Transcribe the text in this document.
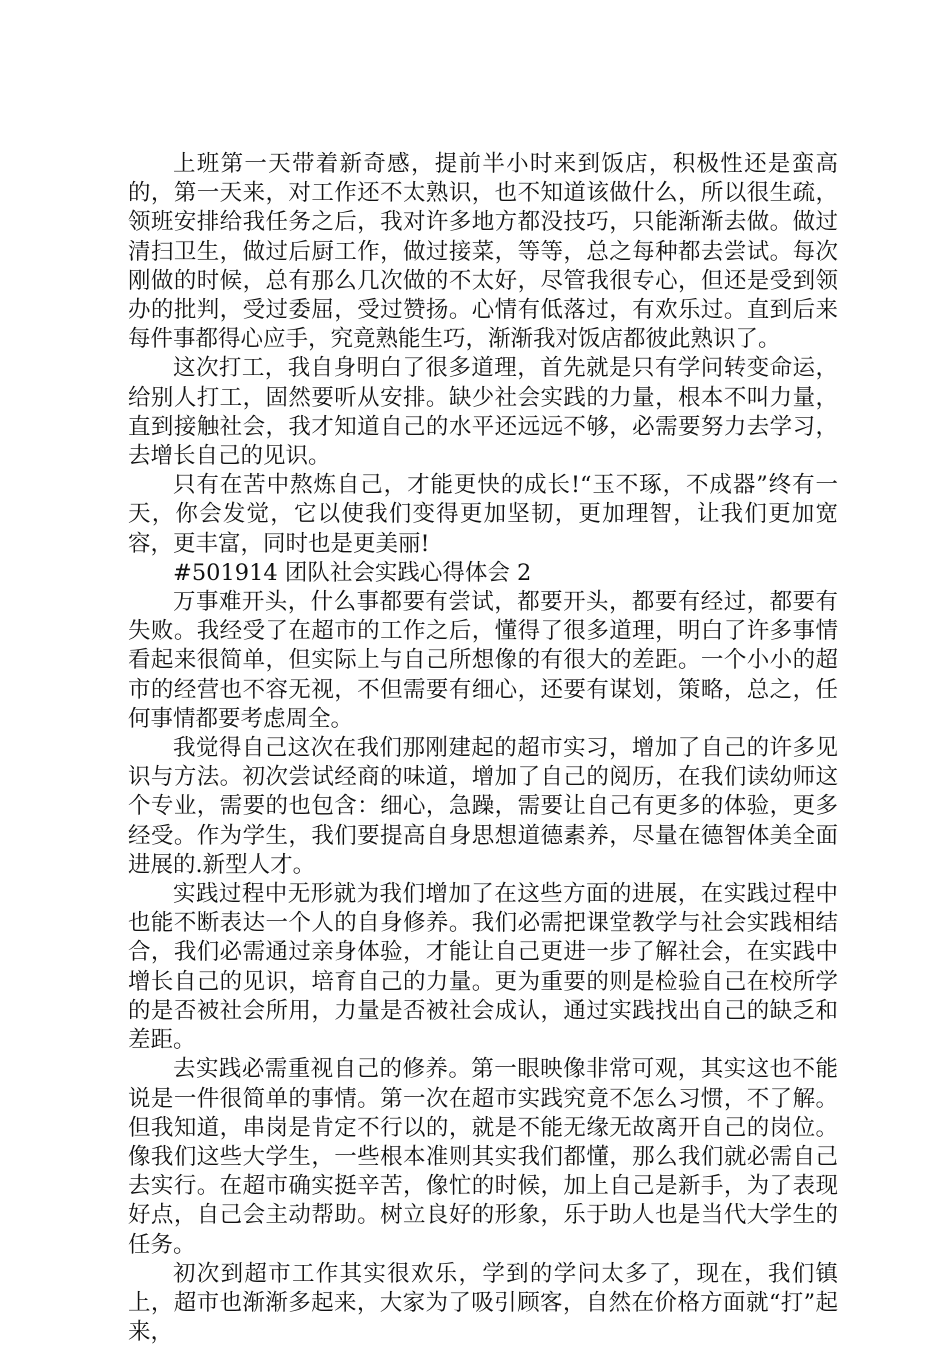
上班第一天带着新奇感，提前半小时来到饭店，积极性还是蛮高的，第一天来，对工作还不太熟识，也不知道该做什么，所以很生疏，领班安排给我任务之后，我对许多地方都没技巧，只能渐渐去做。做过清扫卫生，做过后厨工作，做过接菜，等等，总之每种都去尝试。每次刚做的时候，总有那么几次做的不太好，尽管我很专心，但还是受到领办的批判，受过委屈，受过赞扬。心情有低落过，有欢乐过。直到后来每件事都得心应手，究竟熟能生巧，渐渐我对饭店都彼此熟识了。

这次打工，我自身明白了很多道理，首先就是只有学问转变命运，给别人打工，固然要听从安排。缺少社会实践的力量，根本不叫力量，直到接触社会，我才知道自己的水平还远远不够，必需要努力去学习，去增长自己的见识。

只有在苦中熬炼自己，才能更快的成长!“玉不琢，不成器”终有一天，你会发觉，它以使我们变得更加坚韧，更加理智，让我们更加宽容，更丰富，同时也是更美丽!

#501914 团队社会实践心得体会 2

万事难开头，什么事都要有尝试，都要开头，都要有经过，都要有失败。我经受了在超市的工作之后，懂得了很多道理，明白了许多事情看起来很简单，但实际上与自己所想像的有很大的差距。一个小小的超市的经营也不容无视，不但需要有细心，还要有谋划，策略，总之，任何事情都要考虑周全。

我觉得自己这次在我们那刚建起的超市实习，增加了自己的许多见识与方法。初次尝试经商的味道，增加了自己的阅历，在我们读幼师这个专业，需要的也包含：细心，急躁，需要让自己有更多的体验，更多经受。作为学生，我们要提高自身思想道德素养，尽量在德智体美全面进展的.新型人才。

实践过程中无形就为我们增加了在这些方面的进展，在实践过程中也能不断表达一个人的自身修养。我们必需把课堂教学与社会实践相结合，我们必需通过亲身体验，才能让自己更进一步了解社会，在实践中增长自己的见识，培育自己的力量。更为重要的则是检验自己在校所学的是否被社会所用，力量是否被社会成认，通过实践找出自己的缺乏和差距。

去实践必需重视自己的修养。第一眼映像非常可观，其实这也不能说是一件很简单的事情。第一次在超市实践究竟不怎么习惯，不了解。但我知道，串岗是肯定不行以的，就是不能无缘无故离开自己的岗位。像我们这些大学生，一些根本准则其实我们都懂，那么我们就必需自己去实行。在超市确实挺辛苦，像忙的时候，加上自己是新手，为了表现好点，自己会主动帮助。树立良好的形象，乐于助人也是当代大学生的任务。

初次到超市工作其实很欢乐，学到的学问太多了，现在，我们镇上，超市也渐渐多起来，大家为了吸引顾客，自然在价格方面就“打”起来，
